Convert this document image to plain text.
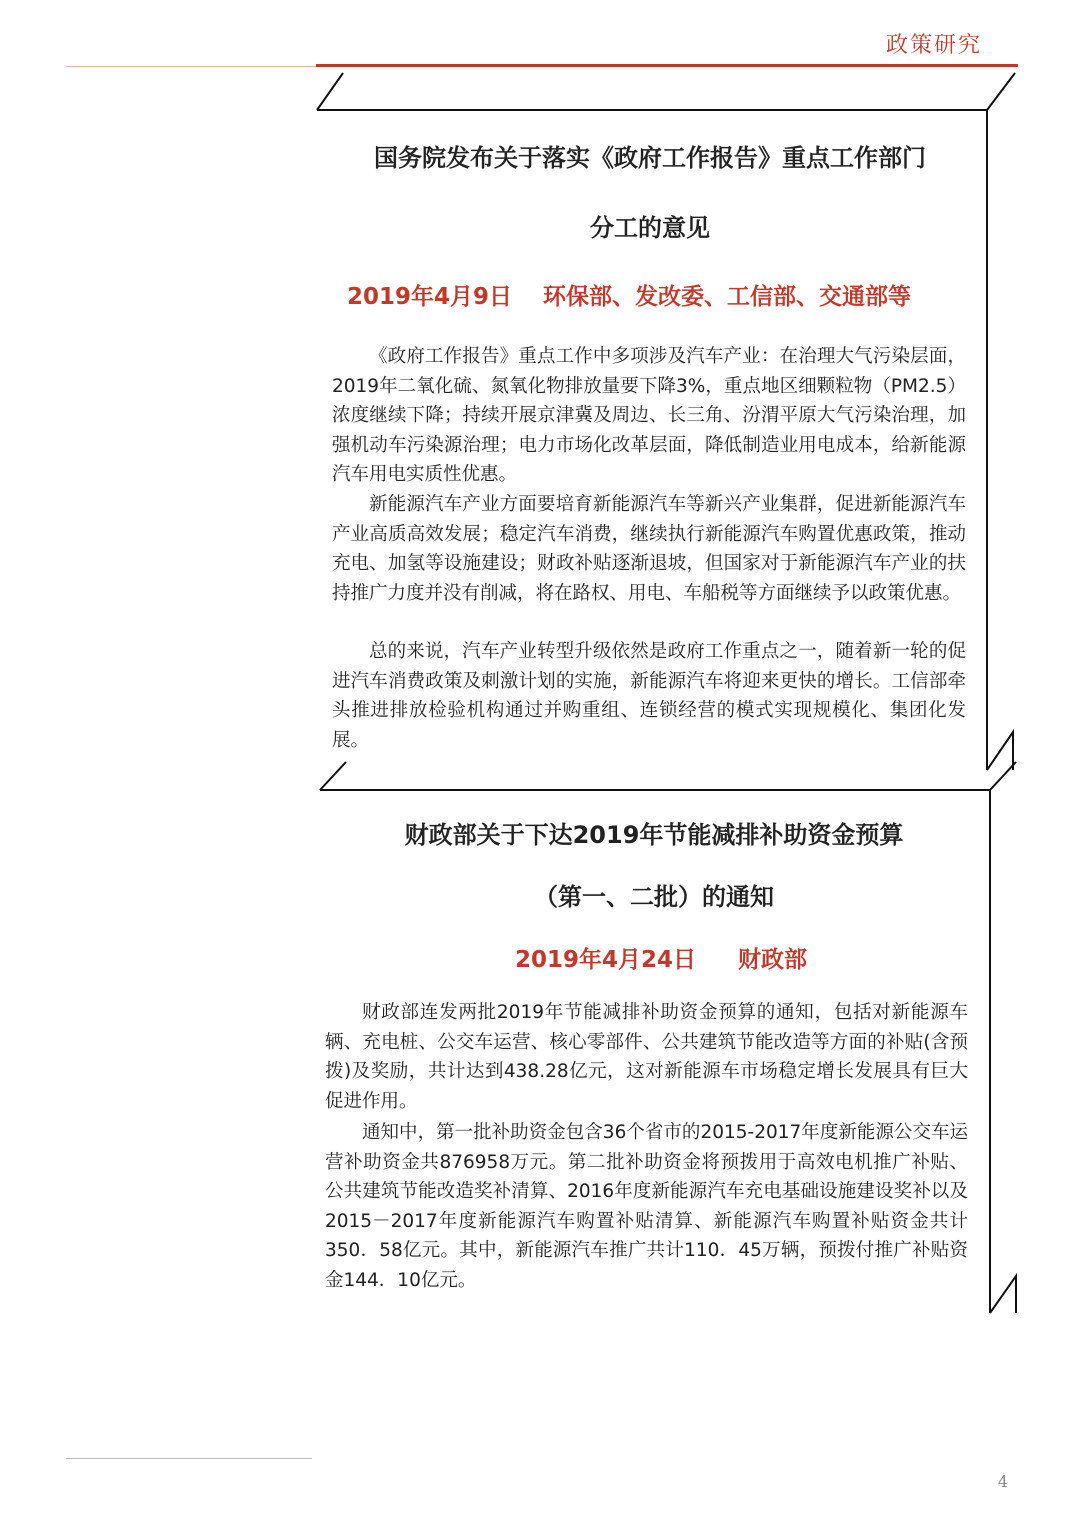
政策研究
国务院发布关于落实《政府工作报告》重点工作部门
分工的意见
2019年4月9日 环保部、发改委、工信部、交通部等

《政府工作报告》重点工作中多项涉及汽车产业：在治理大气污染层面，2019年二氧化硫、氮氧化物排放量要下降3%，重点地区细颗粒物（PM2.5）浓度继续下降；持续开展京津冀及周边、长三角、汾渭平原大气污染治理，加强机动车污染源治理；电力市场化改革层面，降低制造业用电成本，给新能源汽车用电实质性优惠。

新能源汽车产业方面要培育新能源汽车等新兴产业集群，促进新能源汽车产业高质高效发展；稳定汽车消费，继续执行新能源汽车购置优惠政策，推动充电、加氢等设施建设；财政补贴逐渐退坡，但国家对于新能源汽车产业的扶持推广力度并没有削减，将在路权、用电、车船税等方面继续予以政策优惠。

总的来说，汽车产业转型升级依然是政府工作重点之一，随着新一轮的促进汽车消费政策及刺激计划的实施，新能源汽车将迎来更快的增长。工信部牵头推进排放检验机构通过并购重组、连锁经营的模式实现规模化、集团化发展。

财政部关于下达2019年节能减排补助资金预算
（第一、二批）的通知
2019年4月24日 财政部

财政部连发两批2019年节能减排补助资金预算的通知，包括对新能源车辆、充电桩、公交车运营、核心零部件、公共建筑节能改造等方面的补贴(含预拨)及奖励，共计达到438.28亿元，这对新能源车市场稳定增长发展具有巨大促进作用。

通知中，第一批补助资金包含36个省市的2015-2017年度新能源公交车运营补助资金共876958万元。第二批补助资金将预拨用于高效电机推广补贴、公共建筑节能改造奖补清算、2016年度新能源汽车充电基础设施建设奖补以及2015－2017年度新能源汽车购置补贴清算、新能源汽车购置补贴资金共计350．58亿元。其中，新能源汽车推广共计110．45万辆，预拨付推广补贴资金144．10亿元。

4
